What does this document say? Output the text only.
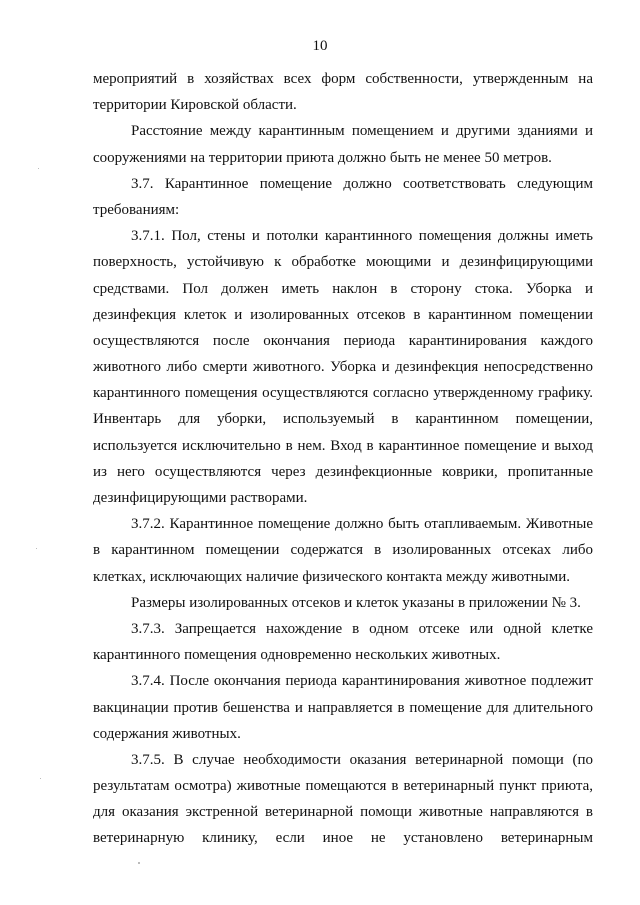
10
мероприятий в хозяйствах всех форм собственности, утвержденным на
территории Кировской области.
Расстояние между карантинным помещением и другими зданиями и
сооружениями на территории приюта должно быть не менее 50 метров.
3.7. Карантинное помещение должно соответствовать следующим
требованиям:
3.7.1. Пол, стены и потолки карантинного помещения должны иметь
поверхность, устойчивую к обработке моющими и дезинфицирующими
средствами. Пол должен иметь наклон в сторону стока. Уборка и
дезинфекция клеток и изолированных отсеков в карантинном помещении
осуществляются после окончания периода карантинирования каждого
животного либо смерти животного. Уборка и дезинфекция непосредственно
карантинного помещения осуществляются согласно утвержденному графику.
Инвентарь для уборки, используемый в карантинном помещении,
используется исключительно в нем. Вход в карантинное помещение и выход
из него осуществляются через дезинфекционные коврики, пропитанные
дезинфицирующими растворами.
3.7.2. Карантинное помещение должно быть отапливаемым. Животные
в карантинном помещении содержатся в изолированных отсеках либо
клетках, исключающих наличие физического контакта между животными.
Размеры изолированных отсеков и клеток указаны в приложении № 3.
3.7.3. Запрещается нахождение в одном отсеке или одной клетке
карантинного помещения одновременно нескольких животных.
3.7.4. После окончания периода карантинирования животное подлежит
вакцинации против бешенства и направляется в помещение для длительного
содержания животных.
3.7.5. В случае необходимости оказания ветеринарной помощи (по
результатам осмотра) животные помещаются в ветеринарный пункт приюта,
для оказания экстренной ветеринарной помощи животные направляются в
ветеринарную клинику, если иное не установлено ветеринарным
